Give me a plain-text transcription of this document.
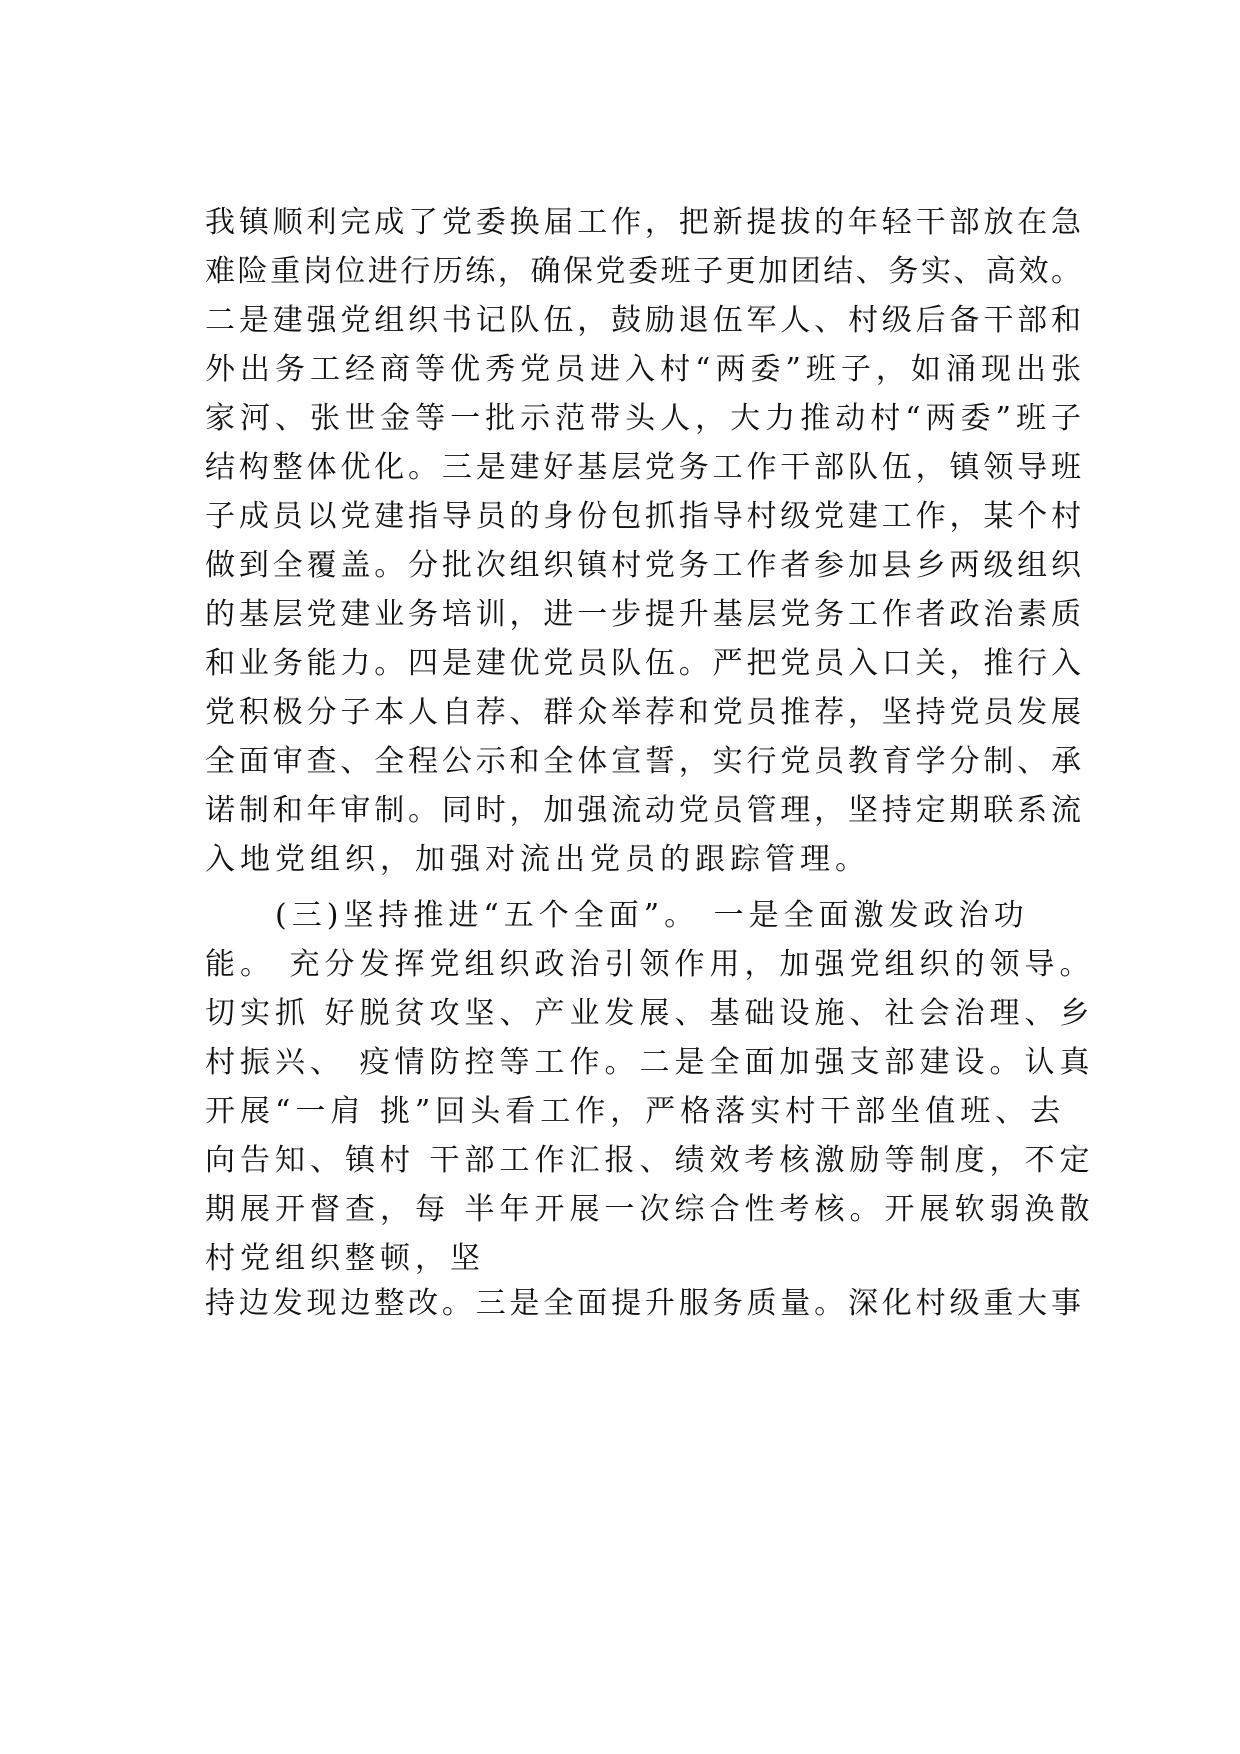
我镇顺利完成了党委换届工作，把新提拔的年轻干部放在急
难险重岗位进行历练，确保党委班子更加团结、务实、高效。
二是建强党组织书记队伍，鼓励退伍军人、村级后备干部和
外出务工经商等优秀党员进入村“两委”班子，如涌现出张
家河、张世金等一批示范带头人，大力推动村“两委”班子
结构整体优化。三是建好基层党务工作干部队伍，镇领导班
子成员以党建指导员的身份包抓指导村级党建工作，某个村
做到全覆盖。分批次组织镇村党务工作者参加县乡两级组织
的基层党建业务培训，进一步提升基层党务工作者政治素质
和业务能力。四是建优党员队伍。严把党员入口关，推行入
党积极分子本人自荐、群众举荐和党员推荐，坚持党员发展
全面审查、全程公示和全体宣誓，实行党员教育学分制、承
诺制和年审制。同时，加强流动党员管理，坚持定期联系流
入地党组织，加强对流出党员的跟踪管理。
　　(三)坚持推进“五个全面”。 一是全面激发政治功
能。 充分发挥党组织政治引领作用，加强党组织的领导。
切实抓 好脱贫攻坚、产业发展、基础设施、社会治理、乡
村振兴、 疫情防控等工作。二是全面加强支部建设。认真
开展“一肩 挑”回头看工作，严格落实村干部坐值班、去
向告知、镇村 干部工作汇报、绩效考核激励等制度，不定
期展开督查，每 半年开展一次综合性考核。开展软弱涣散
村党组织整顿，坚
持边发现边整改。三是全面提升服务质量。深化村级重大事
